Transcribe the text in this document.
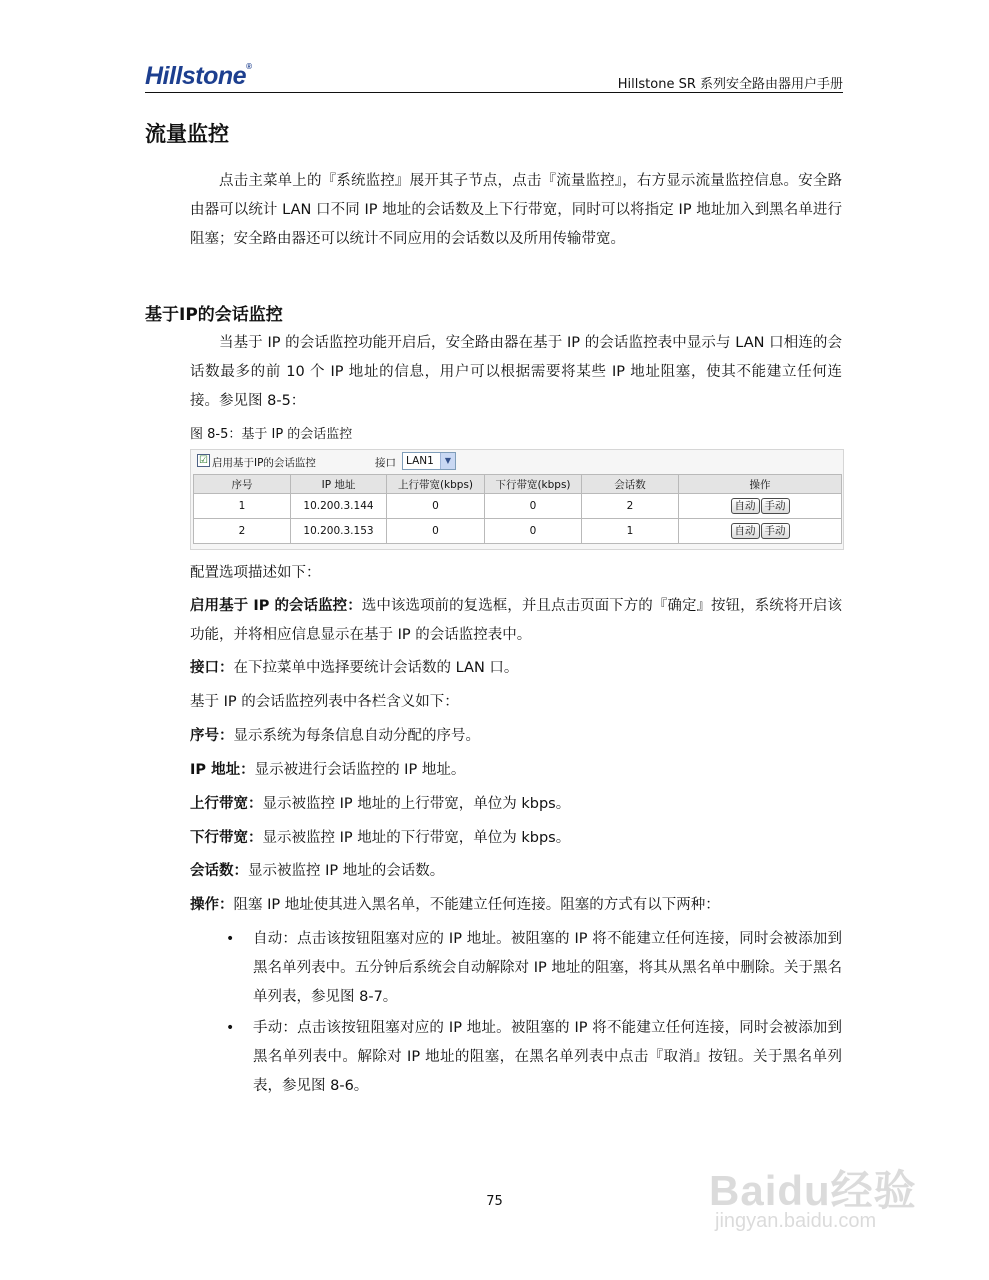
Hillstone®
Hillstone SR 系列安全路由器用户手册
流量监控

点击主菜单上的『系统监控』展开其子节点，点击『流量监控』，右方显示流量监控信息。安全路由器可以统计 LAN 口不同 IP 地址的会话数及上下行带宽，同时可以将指定 IP 地址加入到黑名单进行阻塞；安全路由器还可以统计不同应用的会话数以及所用传输带宽。

基于IP的会话监控

当基于 IP 的会话监控功能开启后，安全路由器在基于 IP 的会话监控表中显示与 LAN 口相连的会话数最多的前 10 个 IP 地址的信息，用户可以根据需要将某些 IP 地址阻塞，使其不能建立任何连接。参见图 8-5：

图 8-5：基于 IP 的会话监控

☑ 启用基于IP的会话监控	接口 LAN1	▼
序号	IP 地址	上行带宽(kbps)	下行带宽(kbps)	会话数	操作
1	10.200.3.144	0	0	2	自动 手动
2	10.200.3.153	0	0	1	自动 手动

配置选项描述如下：

启用基于 IP 的会话监控：选中该选项前的复选框，并且点击页面下方的『确定』按钮，系统将开启该功能，并将相应信息显示在基于 IP 的会话监控表中。

接口：在下拉菜单中选择要统计会话数的 LAN 口。

基于 IP 的会话监控列表中各栏含义如下：

序号：显示系统为每条信息自动分配的序号。

IP 地址：显示被进行会话监控的 IP 地址。

上行带宽：显示被监控 IP 地址的上行带宽，单位为 kbps。

下行带宽：显示被监控 IP 地址的下行带宽，单位为 kbps。

会话数：显示被监控 IP 地址的会话数。

操作：阻塞 IP 地址使其进入黑名单，不能建立任何连接。阻塞的方式有以下两种：

• 自动：点击该按钮阻塞对应的 IP 地址。被阻塞的 IP 将不能建立任何连接，同时会被添加到黑名单列表中。五分钟后系统会自动解除对 IP 地址的阻塞，将其从黑名单中删除。关于黑名单列表，参见图 8-7。

• 手动：点击该按钮阻塞对应的 IP 地址。被阻塞的 IP 将不能建立任何连接，同时会被添加到黑名单列表中。解除对 IP 地址的阻塞，在黑名单列表中点击『取消』按钮。关于黑名单列表，参见图 8-6。

75	Baidu经验
jingyan.baidu.com
